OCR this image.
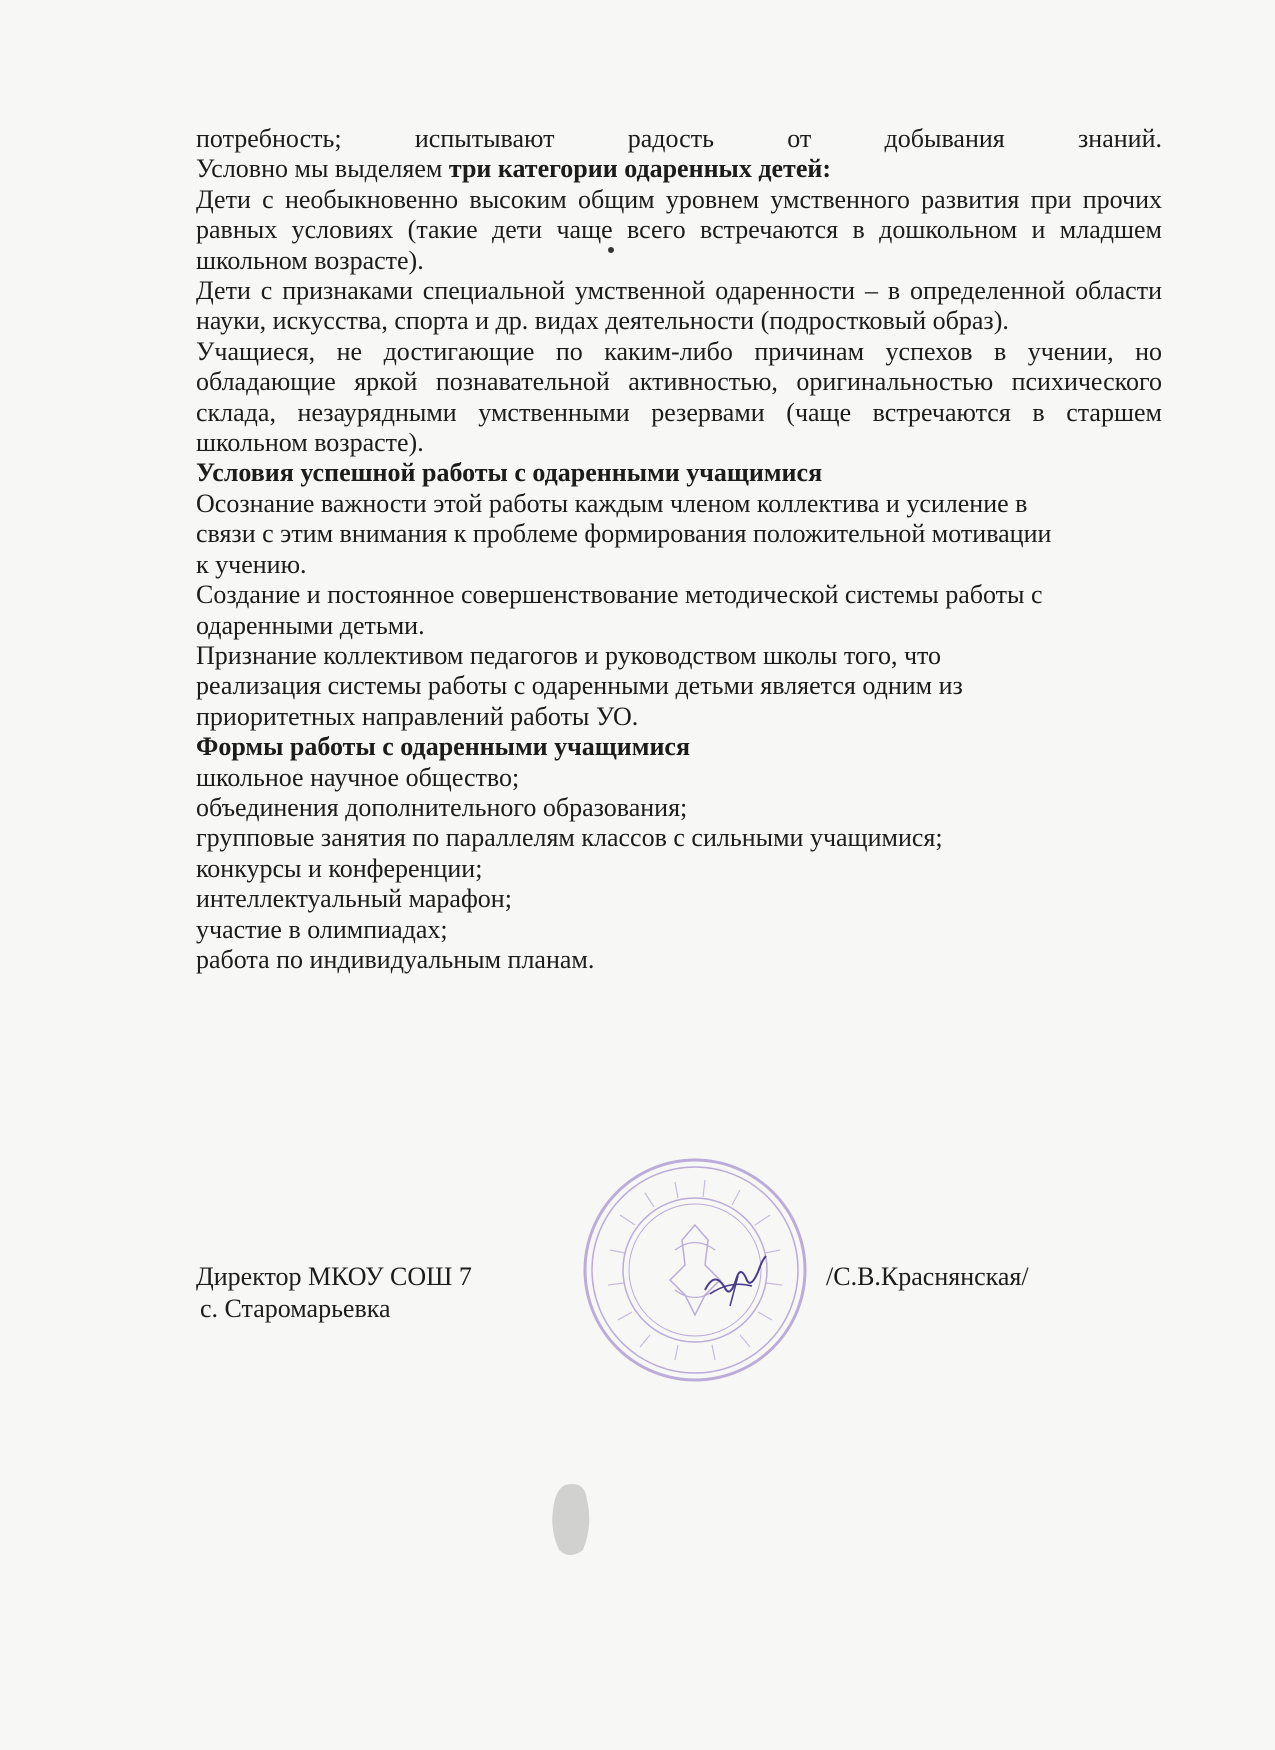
потребность; испытывают радость от добывания знаний.

Условно мы выделяем три категории одаренных детей:

Дети с необыкновенно высоким общим уровнем умственного развития при прочих равных условиях (такие дети чаще всего встречаются в дошкольном и младшем школьном возрасте).

Дети с признаками специальной умственной одаренности – в определенной области науки, искусства, спорта и др. видах деятельности (подростковый образ).

Учащиеся, не достигающие по каким-либо причинам успехов в учении, но обладающие яркой познавательной активностью, оригинальностью психического склада, незаурядными умственными резервами (чаще встречаются в старшем школьном возрасте).

Условия успешной работы с одаренными учащимися

Осознание важности этой работы каждым членом коллектива и усиление в

связи с этим внимания к проблеме формирования положительной мотивации

к учению.

Создание и постоянное совершенствование методической системы работы с

одаренными детьми.

Признание коллективом педагогов и руководством школы того, что

реализация системы работы с одаренными детьми является одним из

приоритетных направлений работы УО.

Формы работы с одаренными учащимися

школьное научное общество;

объединения дополнительного образования;

групповые занятия по параллелям классов с сильными учащимися;

конкурсы и конференции;

интеллектуальный марафон;

участие в олимпиадах;

работа по индивидуальным планам.

Директор МКОУ СОШ 7
с. Старомарьевка
/С.В.Краснянская/
